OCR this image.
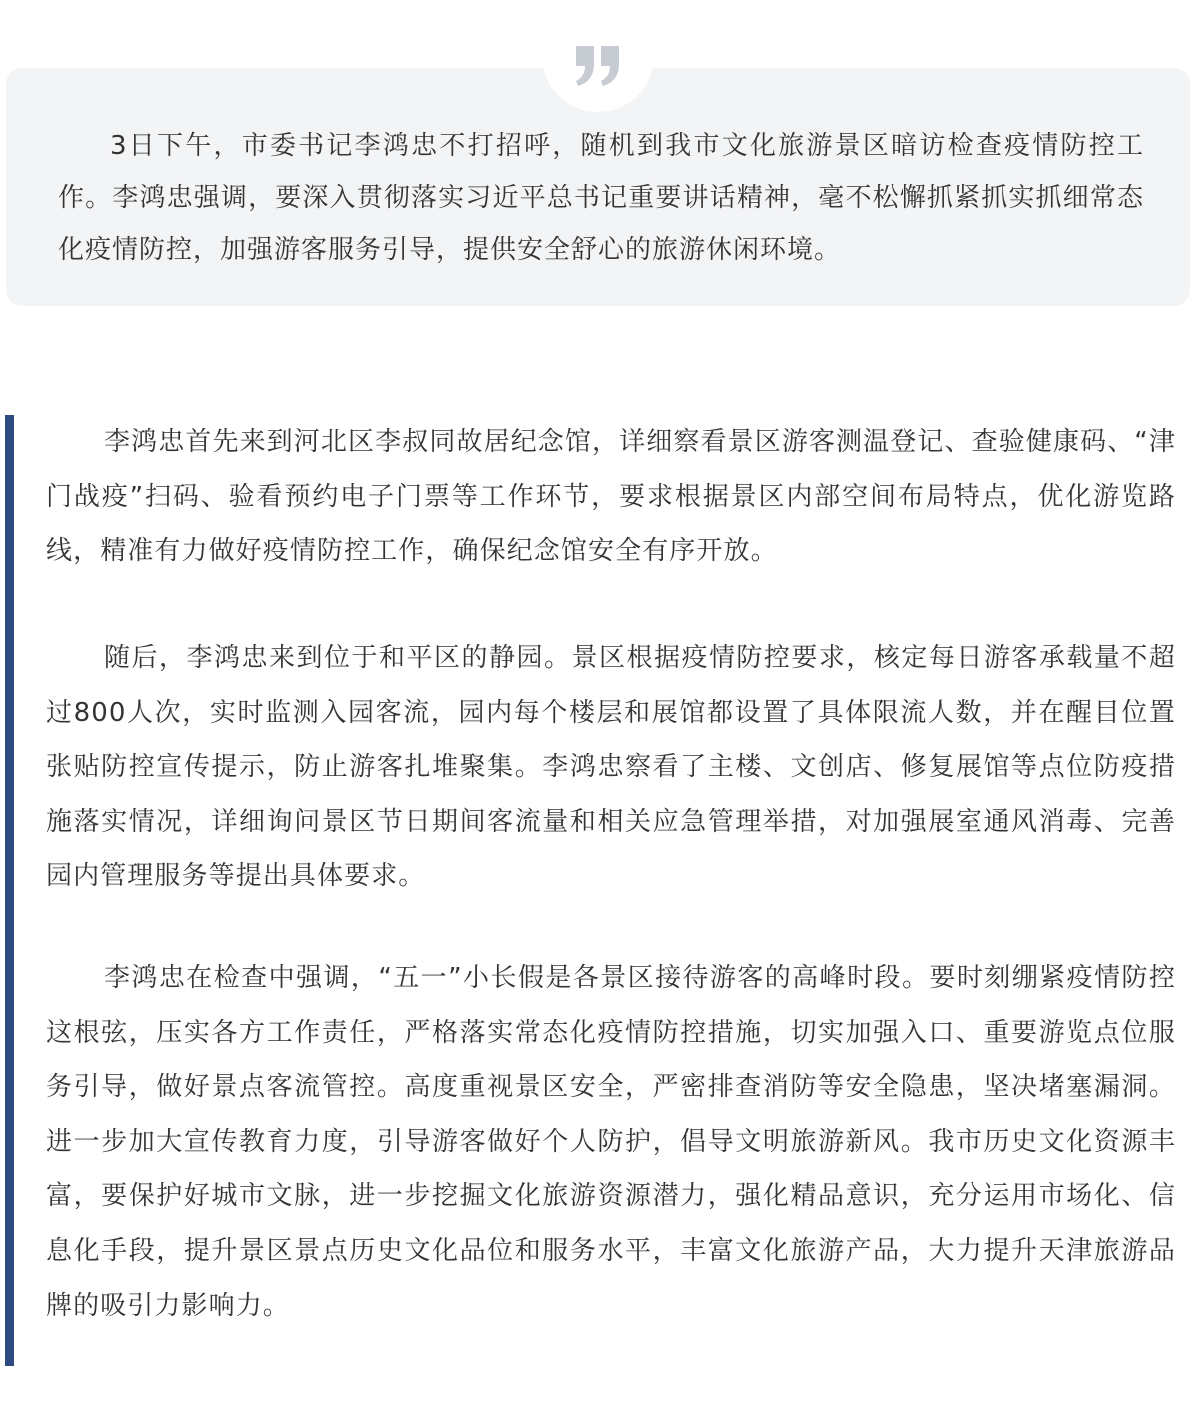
3日下午，市委书记李鸿忠不打招呼，随机到我市文化旅游景区暗访检查疫情防控工作。李鸿忠强调，要深入贯彻落实习近平总书记重要讲话精神，毫不松懈抓紧抓实抓细常态化疫情防控，加强游客服务引导，提供安全舒心的旅游休闲环境。

李鸿忠首先来到河北区李叔同故居纪念馆，详细察看景区游客测温登记、查验健康码、“津门战疫”扫码、验看预约电子门票等工作环节，要求根据景区内部空间布局特点，优化游览路线，精准有力做好疫情防控工作，确保纪念馆安全有序开放。

随后，李鸿忠来到位于和平区的静园。景区根据疫情防控要求，核定每日游客承载量不超过800人次，实时监测入园客流，园内每个楼层和展馆都设置了具体限流人数，并在醒目位置张贴防控宣传提示，防止游客扎堆聚集。李鸿忠察看了主楼、文创店、修复展馆等点位防疫措施落实情况，详细询问景区节日期间客流量和相关应急管理举措，对加强展室通风消毒、完善园内管理服务等提出具体要求。

李鸿忠在检查中强调，“五一”小长假是各景区接待游客的高峰时段。要时刻绷紧疫情防控这根弦，压实各方工作责任，严格落实常态化疫情防控措施，切实加强入口、重要游览点位服务引导，做好景点客流管控。高度重视景区安全，严密排查消防等安全隐患，坚决堵塞漏洞。进一步加大宣传教育力度，引导游客做好个人防护，倡导文明旅游新风。我市历史文化资源丰富，要保护好城市文脉，进一步挖掘文化旅游资源潜力，强化精品意识，充分运用市场化、信息化手段，提升景区景点历史文化品位和服务水平，丰富文化旅游产品，大力提升天津旅游品牌的吸引力影响力。
